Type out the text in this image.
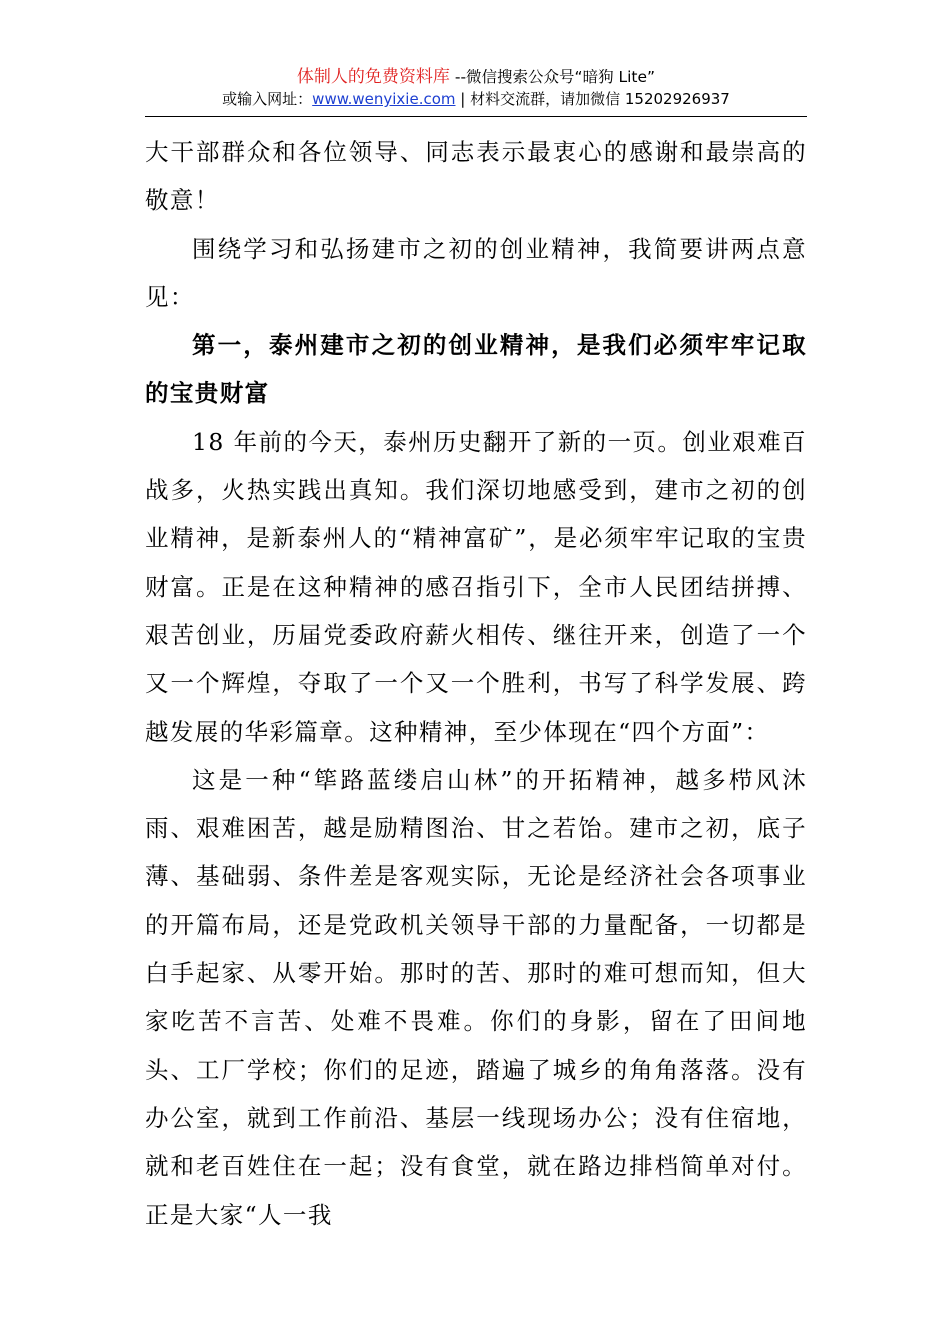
体制人的免费资料库 --微信搜索公众号“暗狗 Lite”
或输入网址：www.wenyixie.com | 材料交流群，请加微信 15202926937

大干部群众和各位领导、同志表示最衷心的感谢和最崇高的敬意！

围绕学习和弘扬建市之初的创业精神，我简要讲两点意见：

第一，泰州建市之初的创业精神，是我们必须牢牢记取的宝贵财富

18 年前的今天，泰州历史翻开了新的一页。创业艰难百战多，火热实践出真知。我们深切地感受到，建市之初的创业精神，是新泰州人的“精神富矿”，是必须牢牢记取的宝贵财富。正是在这种精神的感召指引下，全市人民团结拼搏、艰苦创业，历届党委政府薪火相传、继往开来，创造了一个又一个辉煌，夺取了一个又一个胜利，书写了科学发展、跨越发展的华彩篇章。这种精神，至少体现在“四个方面”：

这是一种“筚路蓝缕启山林”的开拓精神，越多栉风沐雨、艰难困苦，越是励精图治、甘之若饴。建市之初，底子薄、基础弱、条件差是客观实际，无论是经济社会各项事业的开篇布局，还是党政机关领导干部的力量配备，一切都是白手起家、从零开始。那时的苦、那时的难可想而知，但大家吃苦不言苦、处难不畏难。你们的身影，留在了田间地头、工厂学校；你们的足迹，踏遍了城乡的角角落落。没有办公室，就到工作前沿、基层一线现场办公；没有住宿地，就和老百姓住在一起；没有食堂，就在路边排档简单对付。正是大家“人一我
